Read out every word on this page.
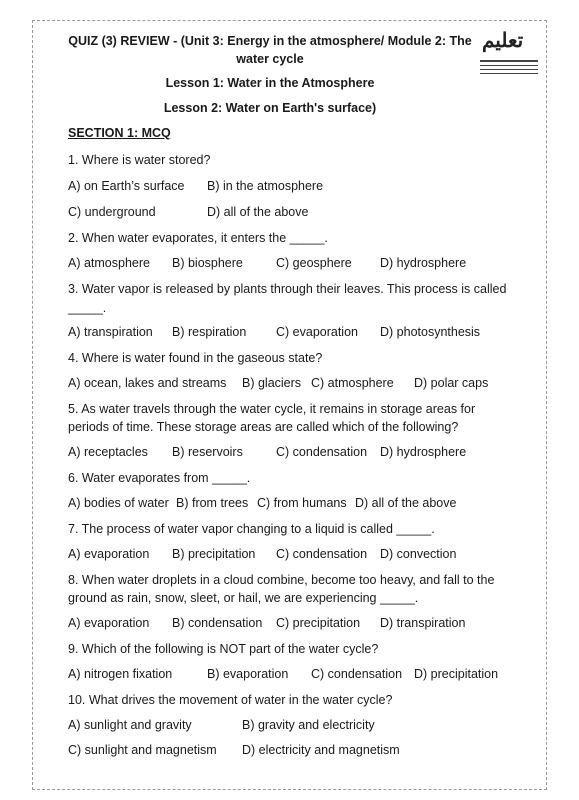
QUIZ (3) REVIEW - (Unit 3: Energy in the atmosphere/ Module 2: The
water cycle
تعليم
Lesson 1: Water in the Atmosphere
Lesson 2: Water on Earth's surface)
SECTION 1: MCQ
1. Where is water stored?
A) on Earth’s surface B) in the atmosphere
C) underground	D) all of the above
2. When water evaporates, it enters the _____.
A) atmosphere B) biosphere	C) geosphere D) hydrosphere
3. Water vapor is released by plants through their leaves. This process is called
_____.
A) transpiration B) respiration C) evaporation D) photosynthesis
4. Where is water found in the gaseous state?
A) ocean, lakes and streams B) glaciers C) atmosphere D) polar caps
5. As water travels through the water cycle, it remains in storage areas for
periods of time. These storage areas are called which of the following?
A) receptacles B) reservoirs	C) condensation D) hydrosphere
6. Water evaporates from _____.
A) bodies of water B) from trees C) from humans D) all of the above
7. The process of water vapor changing to a liquid is called _____.
A) evaporation B) precipitation C) condensation D) convection
8. When water droplets in a cloud combine, become too heavy, and fall to the
ground as rain, snow, sleet, or hail, we are experiencing _____.
A) evaporation B) condensation C) precipitation D) transpiration
9. Which of the following is NOT part of the water cycle?
A) nitrogen fixation	B) evaporation C) condensation D) precipitation
10. What drives the movement of water in the water cycle?
A) sunlight and gravity	B) gravity and electricity
C) sunlight and magnetism D) electricity and magnetism
